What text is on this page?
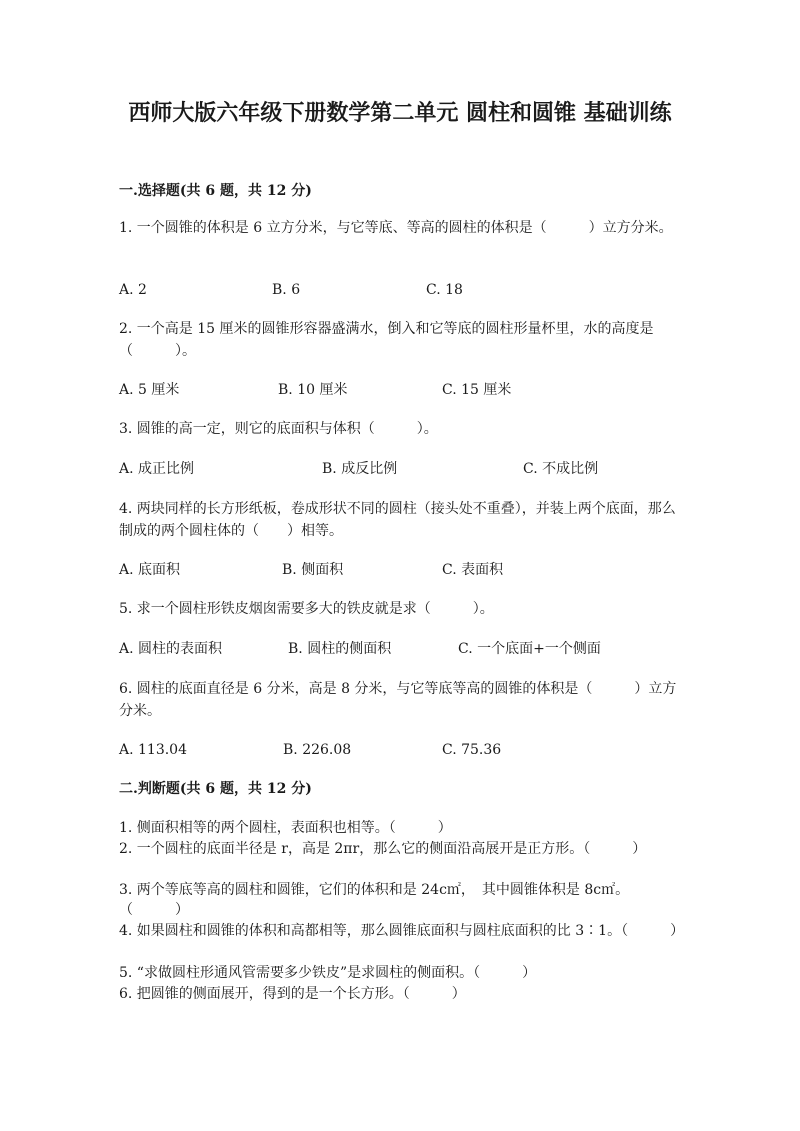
西师大版六年级下册数学第二单元 圆柱和圆锥 基础训练
一.选择题(共 6 题，共 12 分)

1. 一个圆锥的体积是 6 立方分米，与它等底、等高的圆柱的体积是（　　　）立方分米。

A. 2	B. 6	C. 18

2. 一个高是 15 厘米的圆锥形容器盛满水，倒入和它等底的圆柱形量杯里，水的高度是（　　　）。

A. 5 厘米	B. 10 厘米	C. 15 厘米

3. 圆锥的高一定，则它的底面积与体积（　　　）。

A. 成正比例	B. 成反比例	C. 不成比例

4. 两块同样的长方形纸板，卷成形状不同的圆柱（接头处不重叠），并装上两个底面，那么制成的两个圆柱体的（　　）相等。

A. 底面积	B. 侧面积	C. 表面积

5. 求一个圆柱形铁皮烟囱需要多大的铁皮就是求（　　　）。

A. 圆柱的表面积	B. 圆柱的侧面积	C. 一个底面+一个侧面

6. 圆柱的底面直径是 6 分米，高是 8 分米，与它等底等高的圆锥的体积是（　　　）立方分米。

A. 113.04	B. 226.08	C. 75.36
二.判断题(共 6 题，共 12 分)

1. 侧面积相等的两个圆柱，表面积也相等。（　　　）

2. 一个圆柱的底面半径是 r，高是 2πr，那么它的侧面沿高展开是正方形。（　　　）

3. 两个等底等高的圆柱和圆锥，它们的体积和是 24c㎡，　其中圆锥体积是 8c㎡。（　　　）

4. 如果圆柱和圆锥的体积和高都相等，那么圆锥底面积与圆柱底面积的比 3∶1。（　　　）

5. “求做圆柱形通风管需要多少铁皮”是求圆柱的侧面积。（　　　）

6. 把圆锥的侧面展开，得到的是一个长方形。（　　　）
